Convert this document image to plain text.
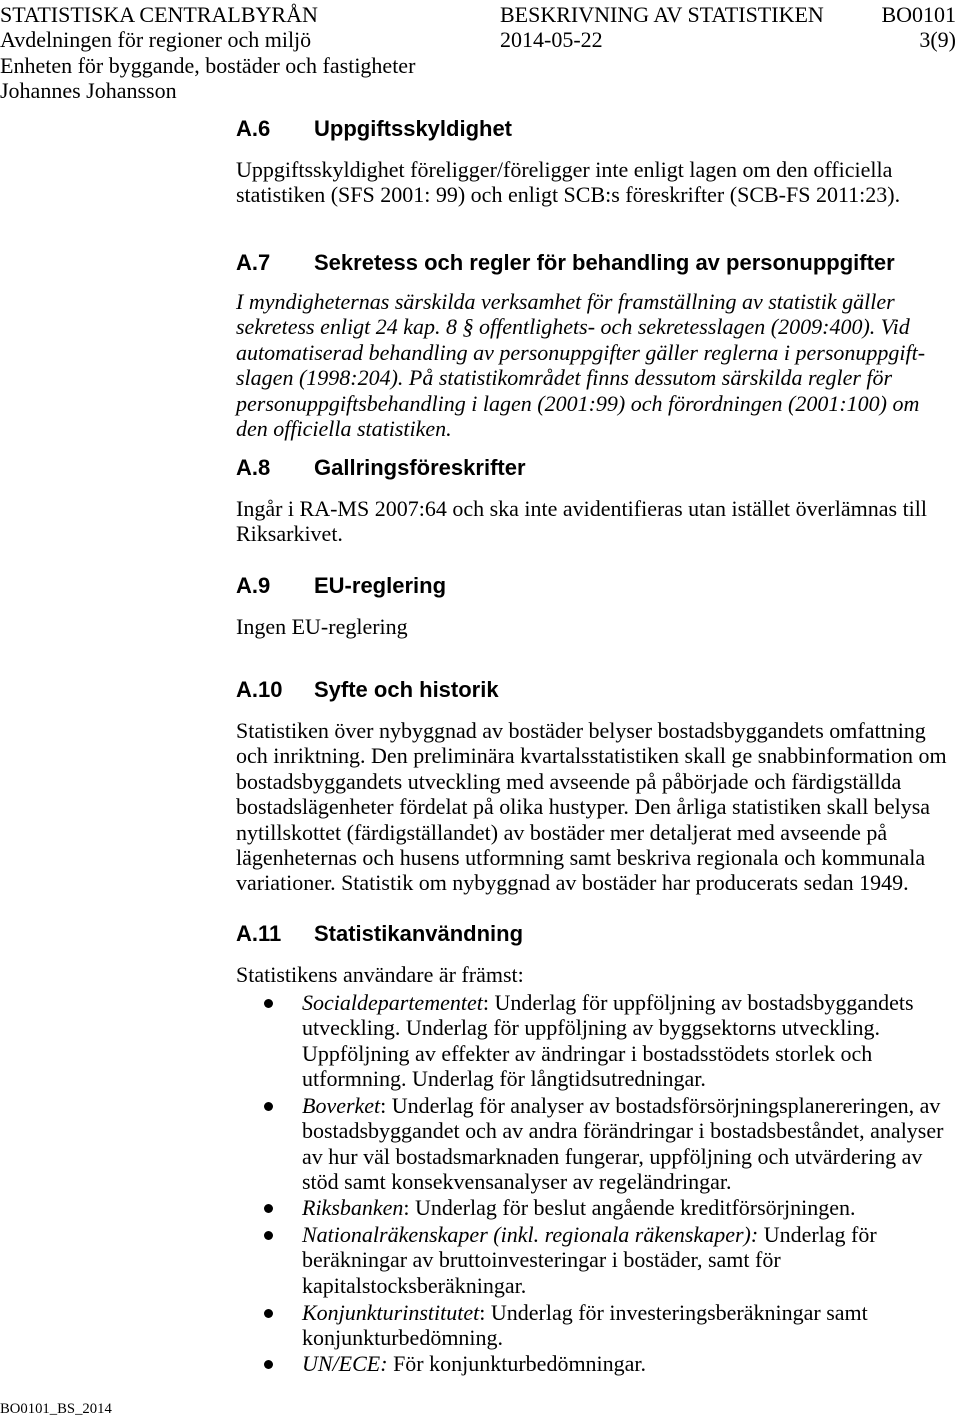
STATISTISKA CENTRALBYRÅN	BESKRIVNING AV STATISTIKEN	BO0101
Avdelningen för regioner och miljö	2014-05-22	3(9)
Enheten för byggande, bostäder och fastigheter
Johannes Johansson
A.6 Uppgiftsskyldighet
Uppgiftsskyldighet föreligger/föreligger inte enligt lagen om den officiella
statistiken (SFS 2001: 99) och enligt SCB:s föreskrifter (SCB-FS 2011:23).
A.7 Sekretess och regler för behandling av personuppgifter
I myndigheternas särskilda verksamhet för framställning av statistik gäller
sekretess enligt 24 kap. 8 § offentlighets- och sekretesslagen (2009:400). Vid
automatiserad behandling av personuppgifter gäller reglerna i personuppgift-
slagen (1998:204). På statistikområdet finns dessutom särskilda regler för
personuppgiftsbehandling i lagen (2001:99) och förordningen (2001:100) om
den officiella statistiken.
A.8 Gallringsföreskrifter
Ingår i RA-MS 2007:64 och ska inte avidentifieras utan istället överlämnas till
Riksarkivet.
A.9 EU-reglering
Ingen EU-reglering
A.10 Syfte och historik
Statistiken över nybyggnad av bostäder belyser bostadsbyggandets omfattning
och inriktning. Den preliminära kvartalsstatistiken skall ge snabbinformation om
bostadsbyggandets utveckling med avseende på påbörjade och färdigställda
bostadslägenheter fördelat på olika hustyper. Den årliga statistiken skall belysa
nytillskottet (färdigställandet) av bostäder mer detaljerat med avseende på
lägenheternas och husens utformning samt beskriva regionala och kommunala
variationer. Statistik om nybyggnad av bostäder har producerats sedan 1949.
A.11 Statistikanvändning
Statistikens användare är främst:
Socialdepartementet: Underlag för uppföljning av bostadsbyggandets
utveckling. Underlag för uppföljning av byggsektorns utveckling.
Uppföljning av effekter av ändringar i bostadsstödets storlek och
utformning. Underlag för långtidsutredningar.
Boverket: Underlag för analyser av bostadsförsörjningsplanereringen, av
bostadsbyggandet och av andra förändringar i bostadsbeståndet, analyser
av hur väl bostadsmarknaden fungerar, uppföljning och utvärdering av
stöd samt konsekvensanalyser av regeländringar.
Riksbanken: Underlag för beslut angående kreditförsörjningen.
Nationalräkenskaper (inkl. regionala räkenskaper): Underlag för
beräkningar av bruttoinvesteringar i bostäder, samt för
kapitalstocksberäkningar.
Konjunkturinstitutet: Underlag för investeringsberäkningar samt
konjunkturbedömning.
UN/ECE: För konjunkturbedömningar.
BO0101_BS_2014
